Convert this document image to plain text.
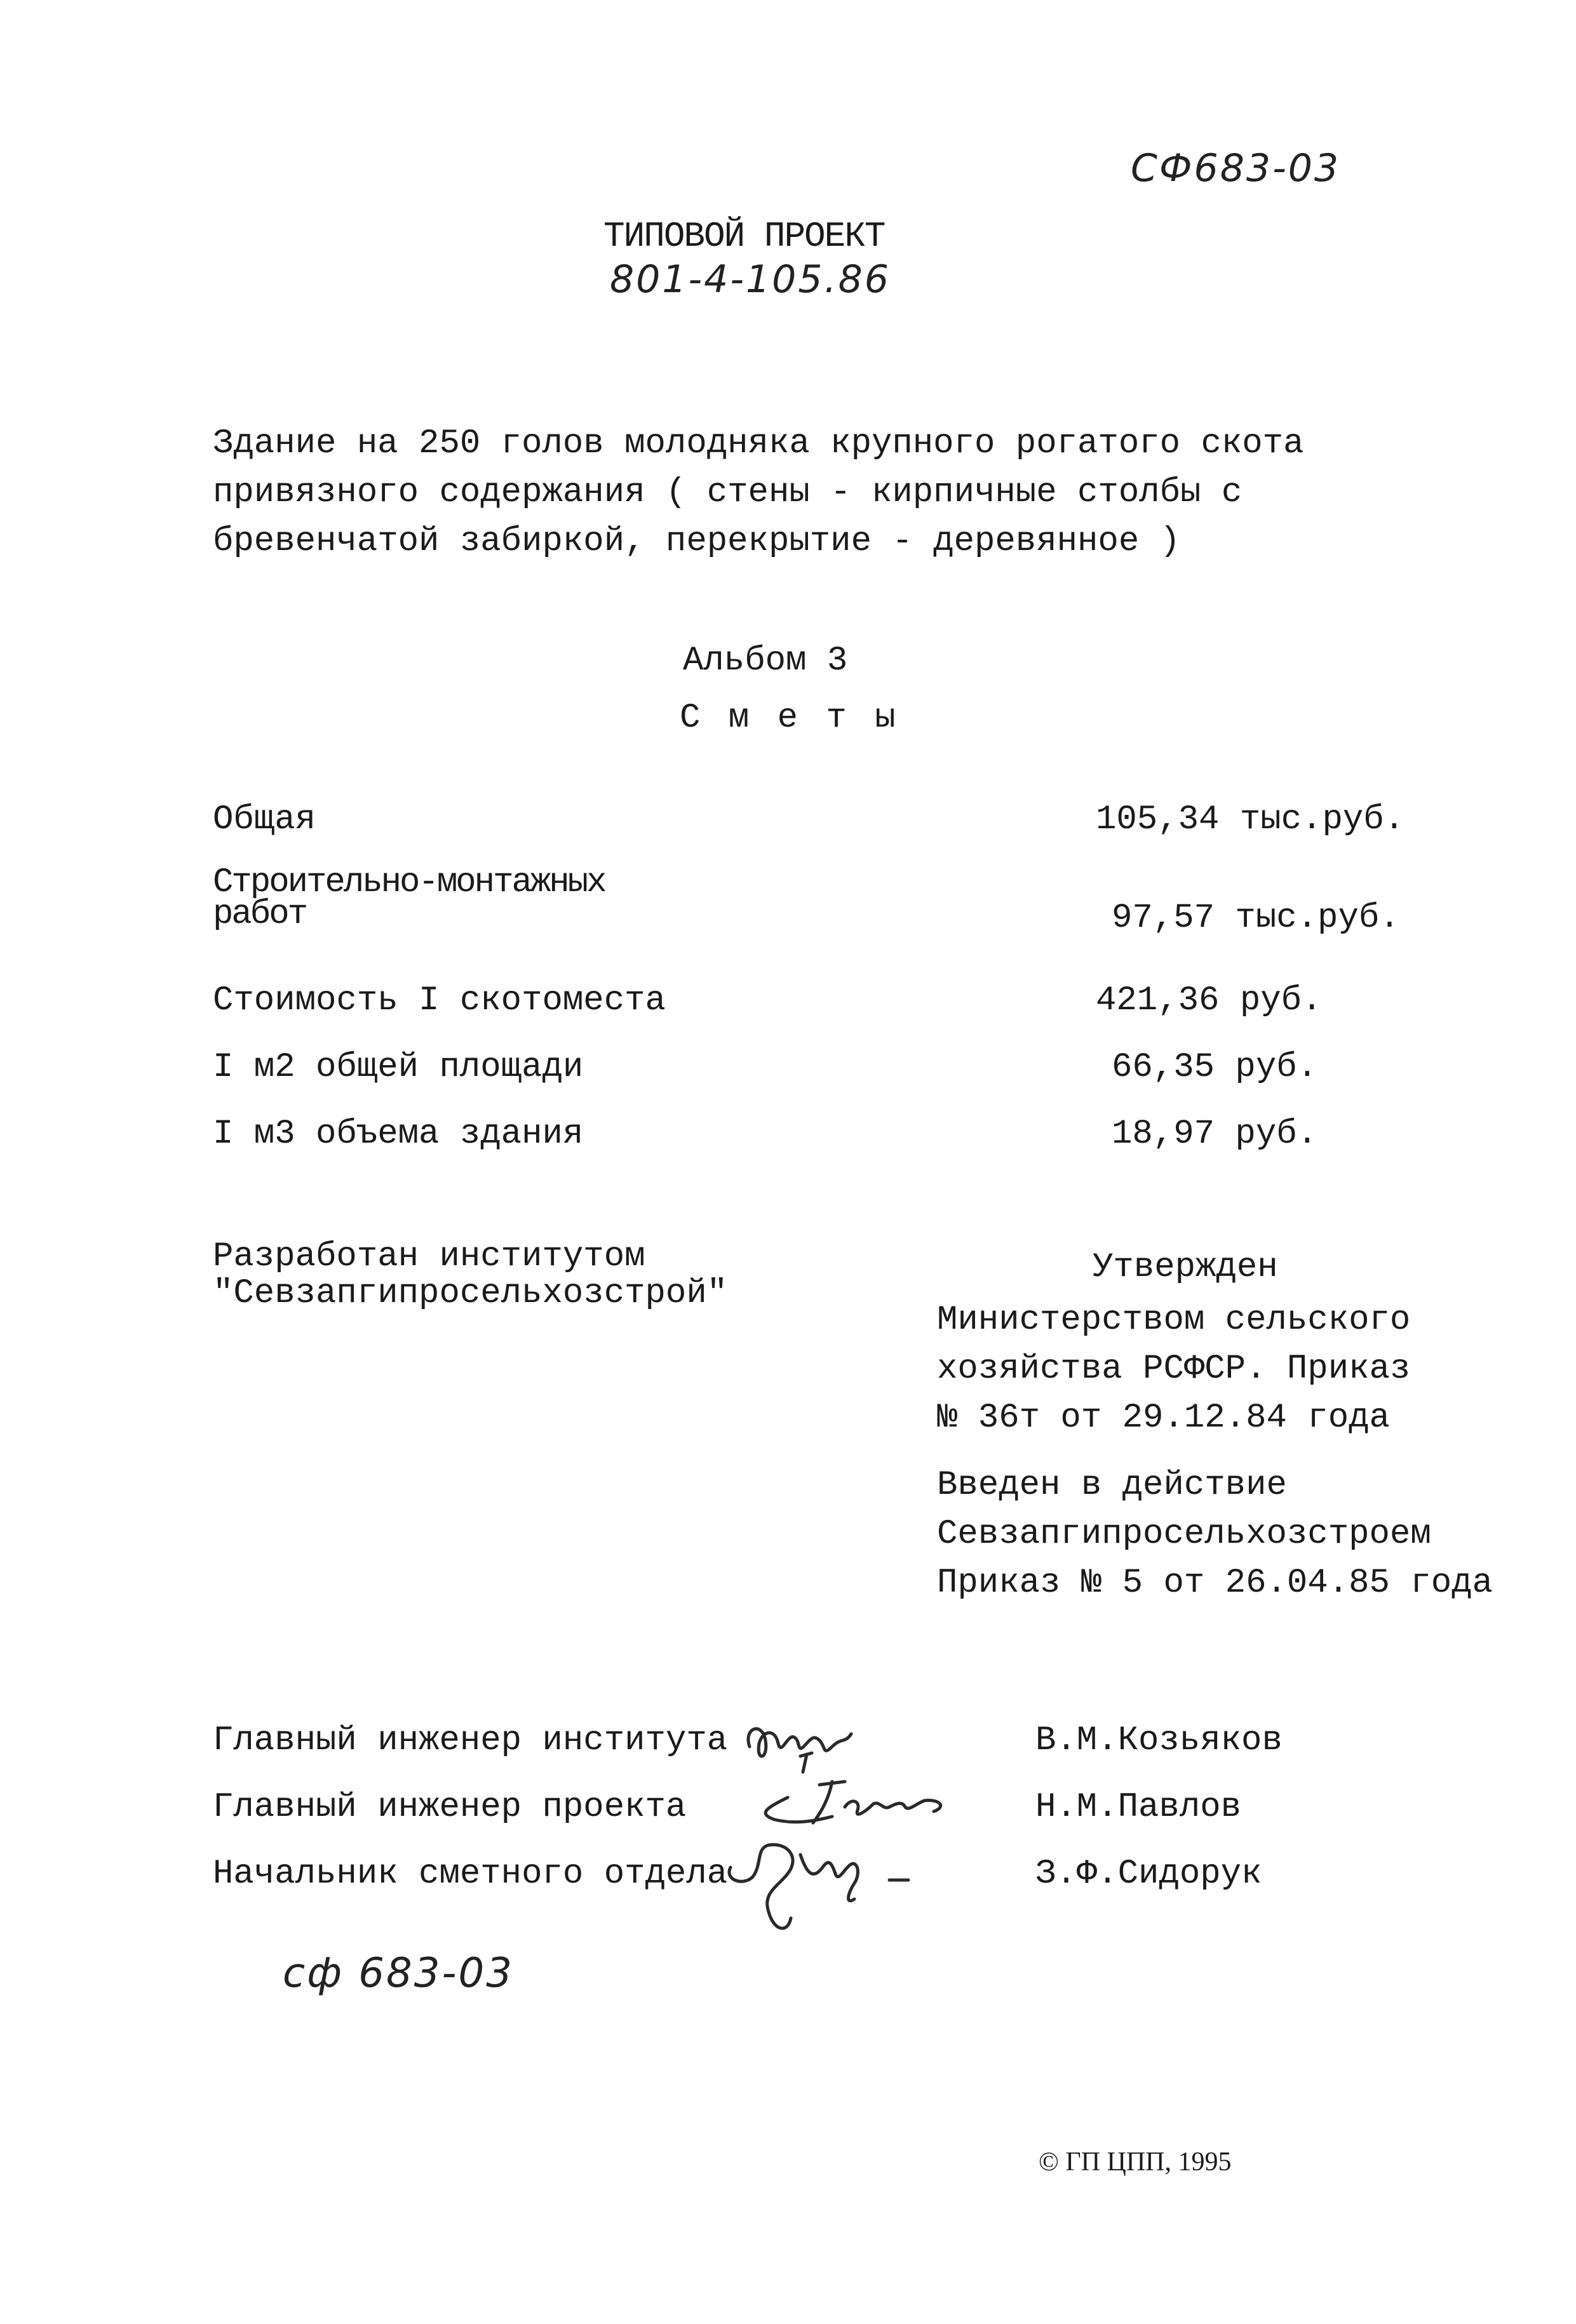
СФ683-03
ТИПОВОЙ ПРОЕКТ
801-4-105.86
Здание на 250 голов молодняка крупного рогатого скота
привязного содержания ( стены - кирпичные столбы с
бревенчатой забиркой, перекрытие - деревянное )
Альбом 3
С м е т ы
Общая	105,34 тыс.руб.
Строительно-монтажных
работ	97,57 тыс.руб.
Стоимость I скотоместа	421,36 руб.
I м2 общей площади	66,35 руб.
I м3 объема здания	18,97 руб.
Разработан институтом
"Севзапгипросельхозстрой"
Утвержден
Министерством сельского
хозяйства РСФСР. Приказ
№ 36т от 29.12.84 года
Введен в действие
Севзапгипросельхозстроем
Приказ № 5 от 26.04.85 года
Главный инженер института	В.М.Козьяков
Главный инженер проекта	Н.М.Павлов
Начальник сметного отдела	З.Ф.Сидорук
сф 683-03
© ГП ЦПП, 1995
